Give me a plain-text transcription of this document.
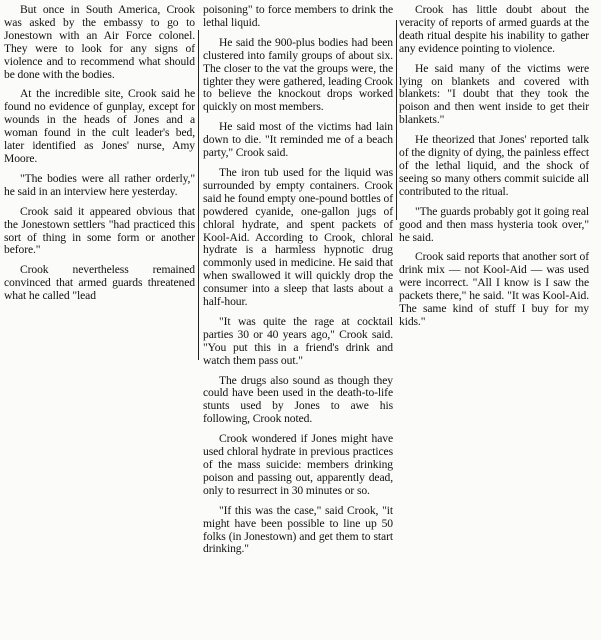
But once in South America, Crook was asked by the embassy to go to Jonestown with an Air Force colonel. They were to look for any signs of violence and to recommend what should be done with the bodies.

At the incredible site, Crook said he found no evidence of gunplay, except for wounds in the heads of Jones and a woman found in the cult leader's bed, later identified as Jones' nurse, Amy Moore.

"The bodies were all rather orderly," he said in an interview here yesterday.

Crook said it appeared obvious that the Jonestown settlers "had practiced this sort of thing in some form or another before."

Crook nevertheless remained convinced that armed guards threatened what he called "lead

poisoning" to force members to drink the lethal liquid.

He said the 900-plus bodies had been clustered into family groups of about six. The closer to the vat the groups were, the tighter they were gathered, leading Crook to believe the knockout drops worked quickly on most members.

He said most of the victims had lain down to die. "It reminded me of a beach party," Crook said.

The iron tub used for the liquid was surrounded by empty containers. Crook said he found empty one-pound bottles of powdered cyanide, one-gallon jugs of chloral hydrate, and spent packets of Kool-Aid. According to Crook, chloral hydrate is a harmless hypnotic drug commonly used in medicine. He said that when swallowed it will quickly drop the consumer into a sleep that lasts about a half-hour.

"It was quite the rage at cocktail parties 30 or 40 years ago," Crook said. "You put this in a friend's drink and watch them pass out."

The drugs also sound as though they could have been used in the death-to-life stunts used by Jones to awe his following, Crook noted.

Crook wondered if Jones might have used chloral hydrate in previous practices of the mass suicide: members drinking poison and passing out, apparently dead, only to resurrect in 30 minutes or so.

"If this was the case," said Crook, "it might have been possible to line up 50 folks (in Jonestown) and get them to start drinking."

Crook has little doubt about the veracity of reports of armed guards at the death ritual despite his inability to gather any evidence pointing to violence.

He said many of the victims were lying on blankets and covered with blankets: "I doubt that they took the poison and then went inside to get their blankets."

He theorized that Jones' reported talk of the dignity of dying, the painless effect of the lethal liquid, and the shock of seeing so many others commit suicide all contributed to the ritual.

"The guards probably got it going real good and then mass hysteria took over," he said.

Crook said reports that another sort of drink mix — not Kool-Aid — was used were incorrect. "All I know is I saw the packets there," he said. "It was Kool-Aid. The same kind of stuff I buy for my kids."
